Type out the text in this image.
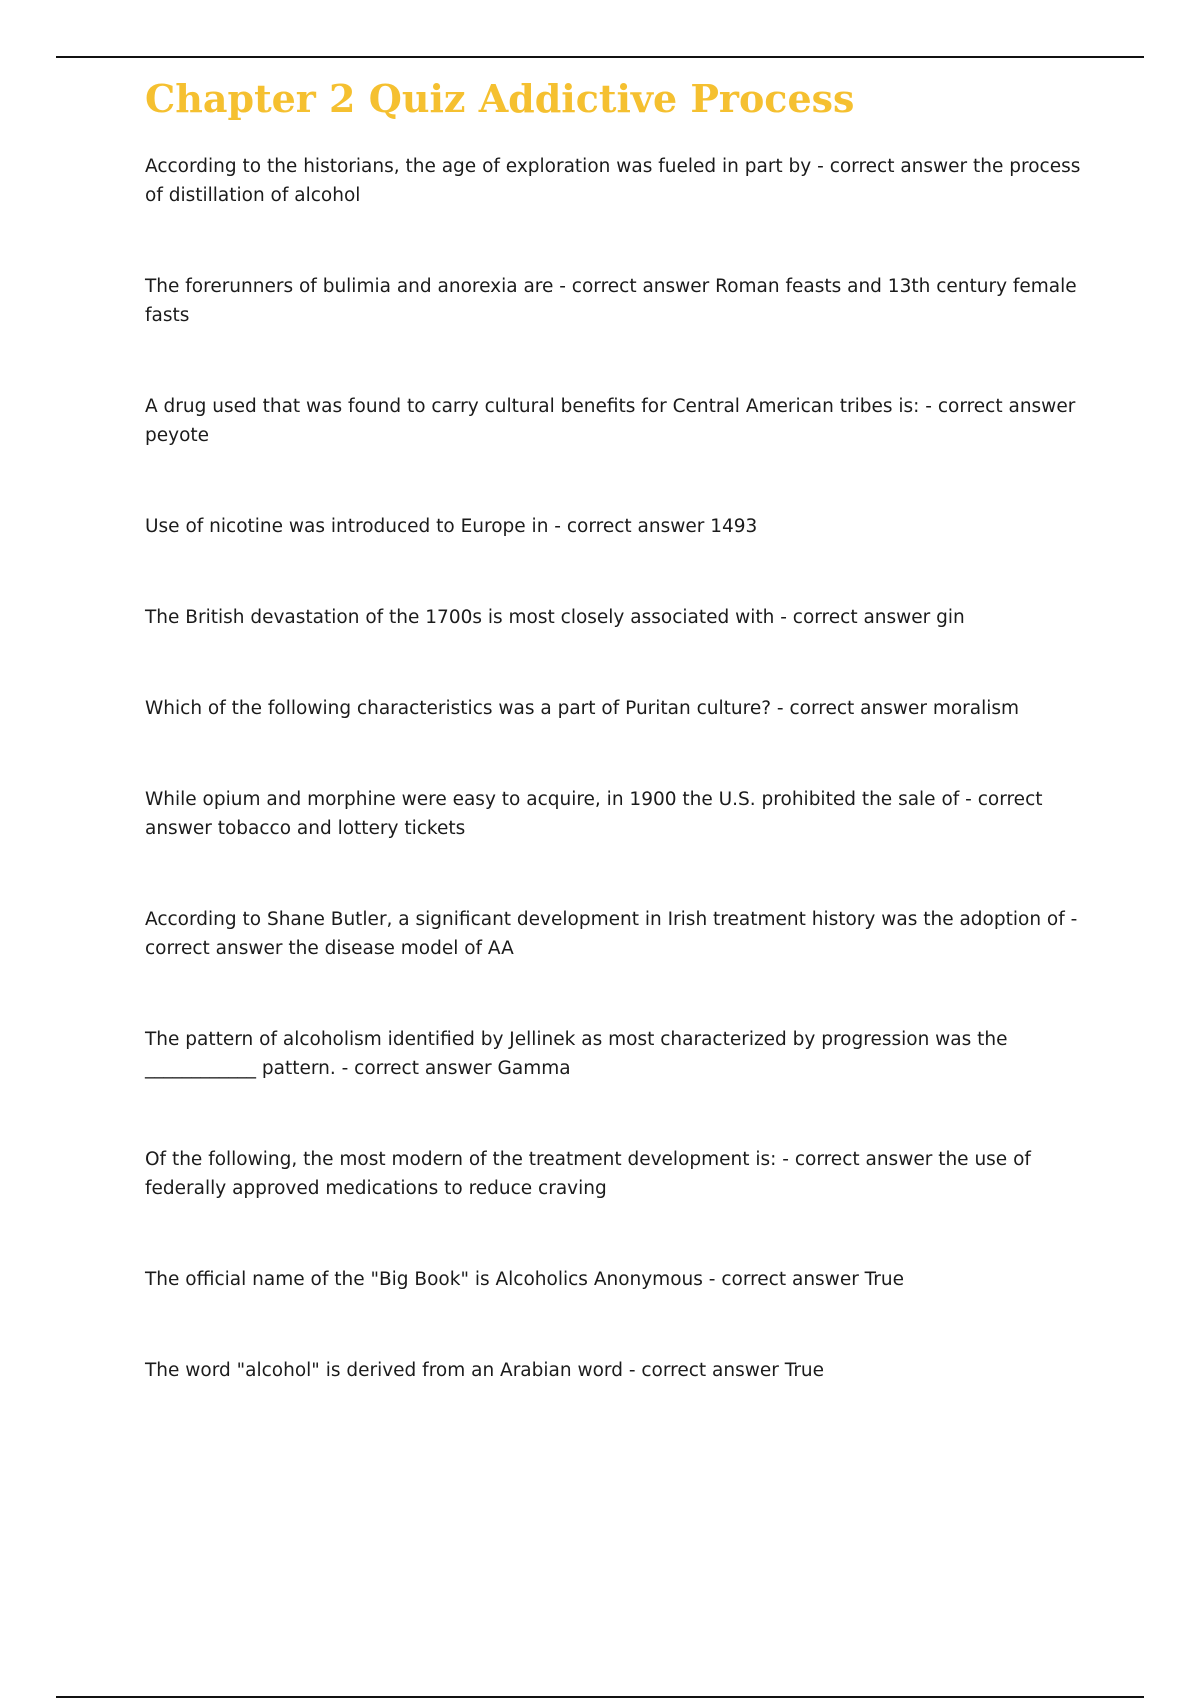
Chapter 2 Quiz Addictive Process
According to the historians, the age of exploration was fueled in part by - correct answer the process of distillation of alcohol
The forerunners of bulimia and anorexia are - correct answer Roman feasts and 13th century female fasts
A drug used that was found to carry cultural benefits for Central American tribes is: - correct answer peyote
Use of nicotine was introduced to Europe in - correct answer 1493
The British devastation of the 1700s is most closely associated with - correct answer gin
Which of the following characteristics was a part of Puritan culture? - correct answer moralism
While opium and morphine were easy to acquire, in 1900 the U.S. prohibited the sale of - correct answer tobacco and lottery tickets
According to Shane Butler, a significant development in Irish treatment history was the adoption of - correct answer the disease model of AA
The pattern of alcoholism identified by Jellinek as most characterized by progression was the ____________ pattern. - correct answer Gamma
Of the following, the most modern of the treatment development is: - correct answer the use of federally approved medications to reduce craving
The official name of the "Big Book" is Alcoholics Anonymous - correct answer True
The word "alcohol" is derived from an Arabian word - correct answer True
